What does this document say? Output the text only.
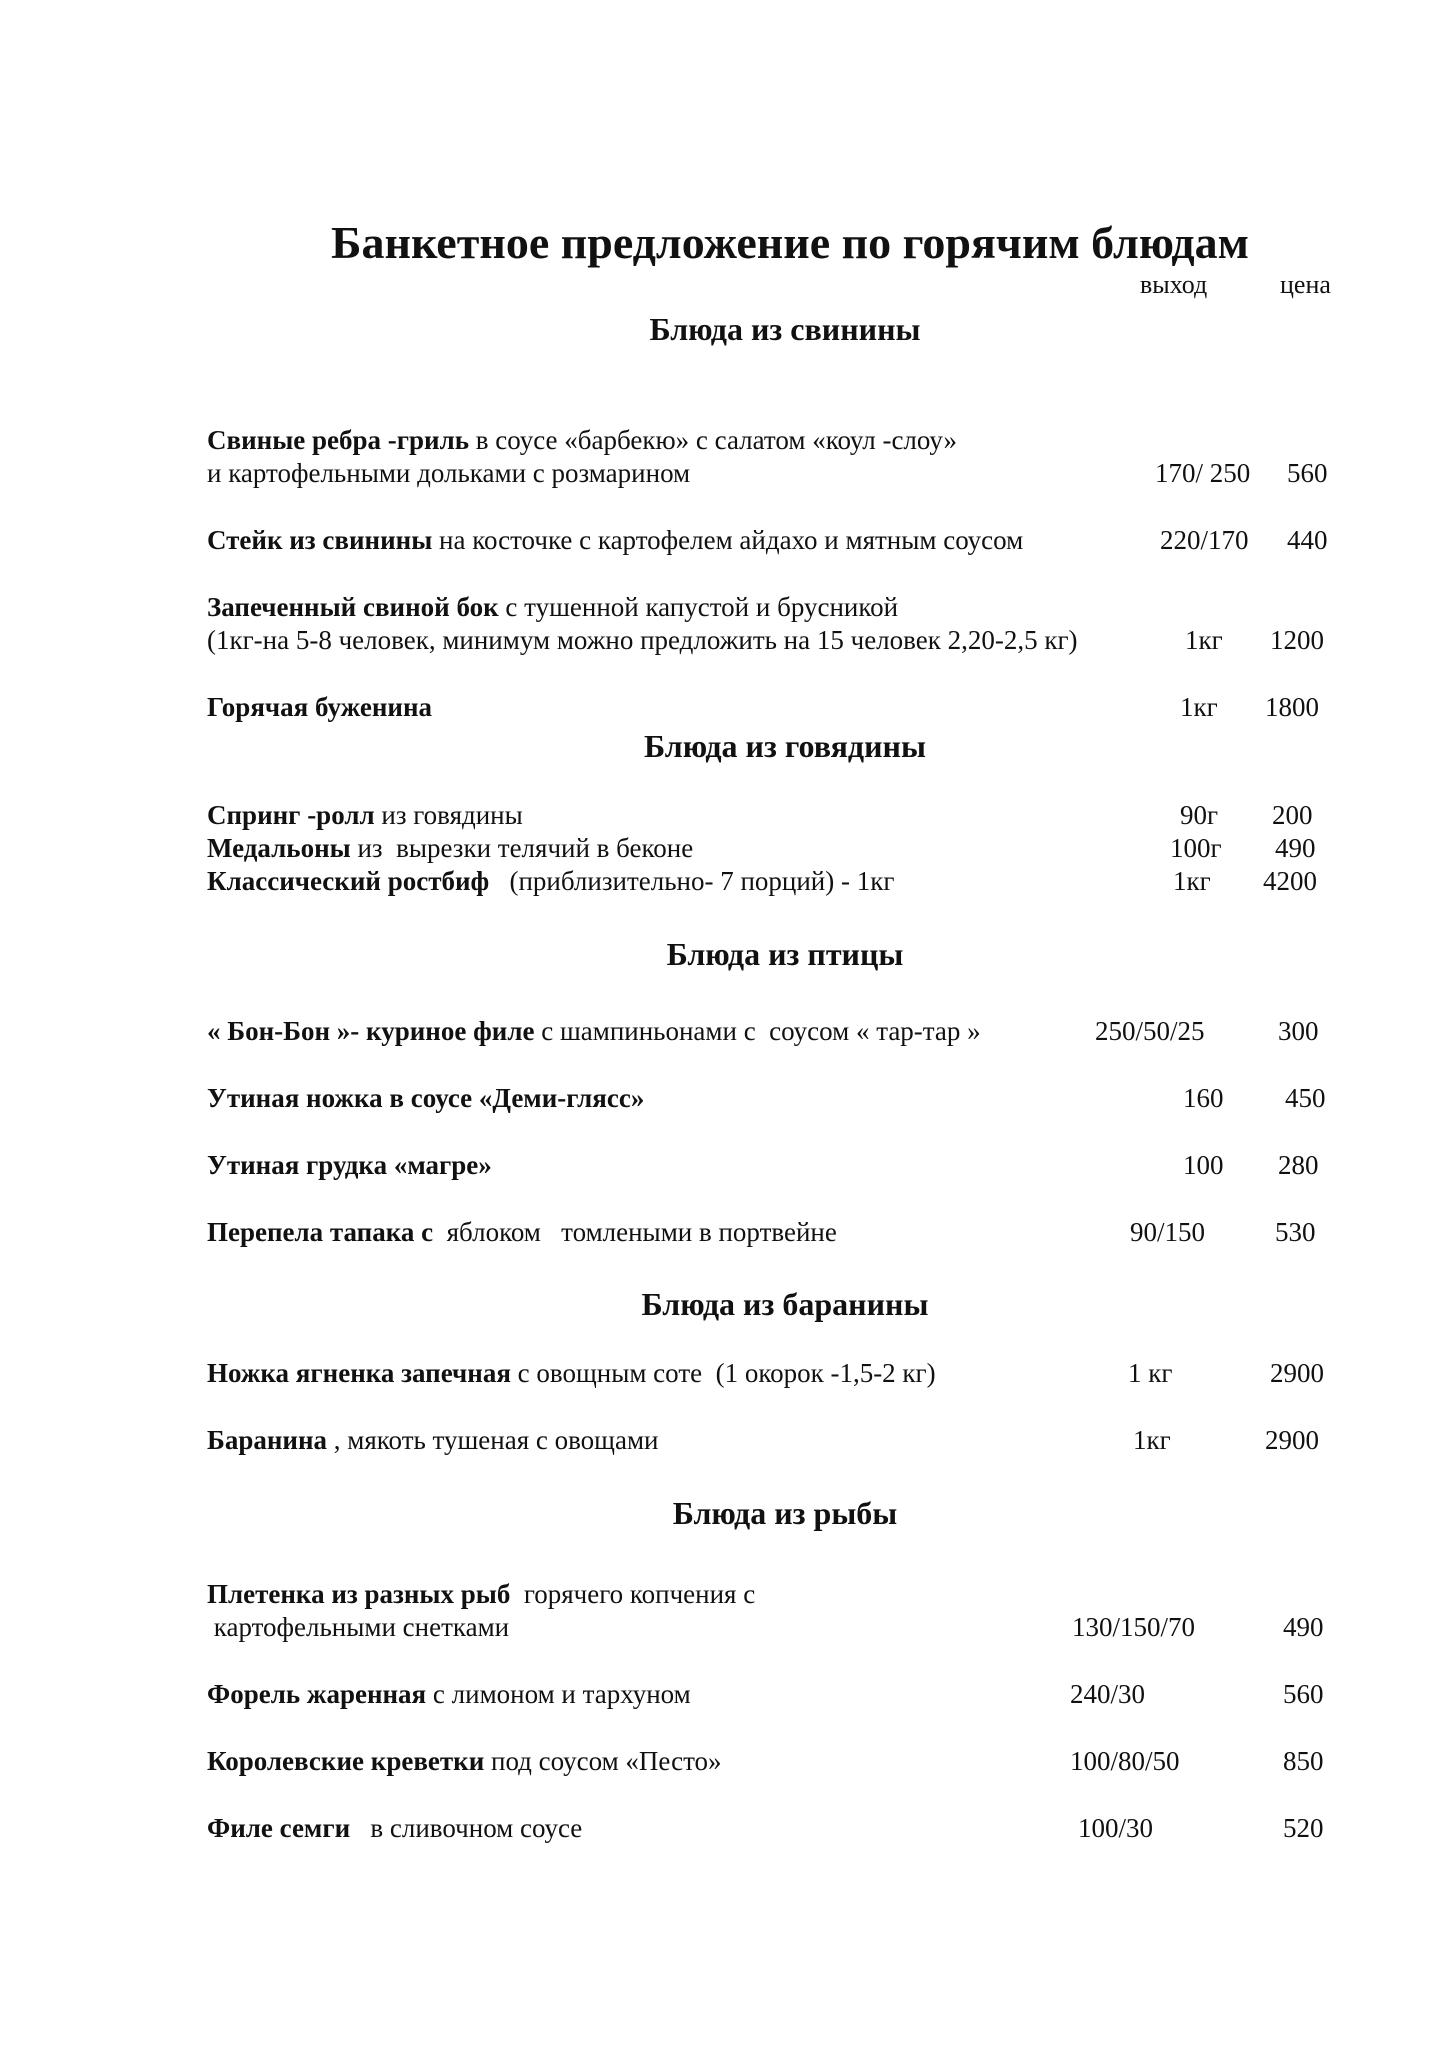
Банкетное предложение по горячим блюдам
выход	цена
Блюда из свинины
Свиные ребра -гриль в соусе «барбекю» с салатом «коул -слоу»
и картофельными дольками с розмарином	170/ 250 560
Стейк из свинины на косточке с картофелем айдахо и мятным соусом	220/170 440
Запеченный свиной бок с тушенной капустой и брусникой
(1кг-на 5-8 человек, минимум можно предложить на 15 человек 2,20-2,5 кг)	1кг 1200
Горячая буженина	1кг 1800
Блюда из говядины
Спринг -ролл из говядины	90г 200
Медальоны из  вырезки телячий в беконе	100г 490
Классический ростбиф   (приблизительно- 7 порций) - 1кг	1кг 4200
Блюда из птицы
« Бон-Бон »- куриное филе с шампиньонами с  соусом « тар-тар »	250/50/25	300
Утиная ножка в соусе «Деми-глясс»	160 450
Утиная грудка «магре»	100 280
Перепела тапака с  яблоком   томлеными в портвейне	90/150	530
Блюда из баранины
Ножка ягненка запечная с овощным соте  (1 окорок -1,5-2 кг)	1 кг	2900
Баранина , мякоть тушеная с овощами	1кг	2900
Блюда из рыбы
Плетенка из разных рыб  горячего копчения с
картофельными снетками	130/150/70	490
Форель жаренная с лимоном и тархуном	240/30	560
Королевские креветки под соусом «Песто»	100/80/50	850
Филе семги   в сливочном соусе	100/30	520
